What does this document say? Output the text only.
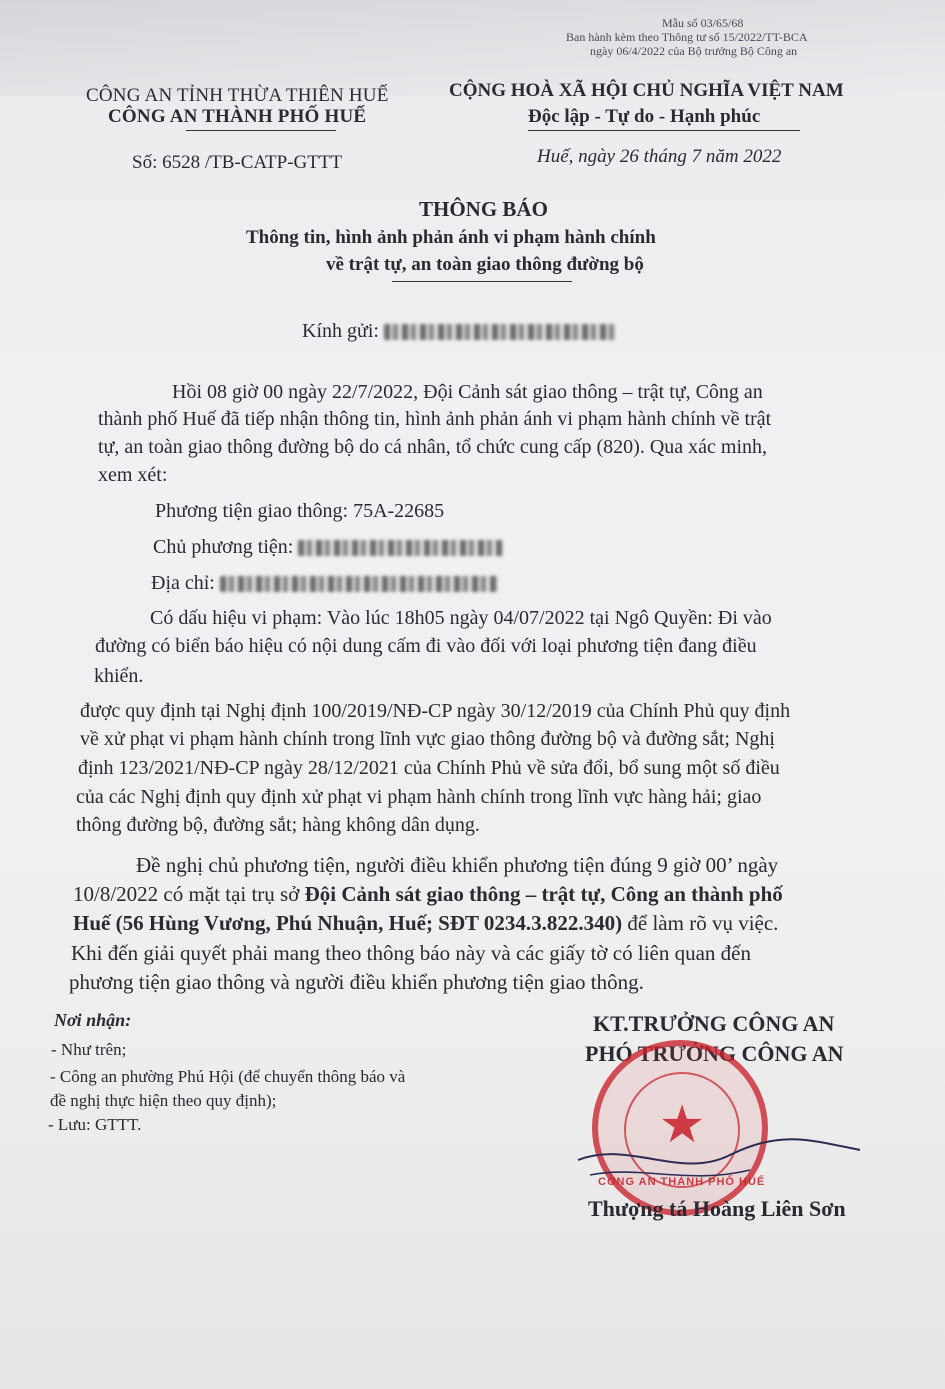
Mẫu số 03/65/68
Ban hành kèm theo Thông tư số 15/2022/TT-BCA
ngày 06/4/2022 của Bộ trưởng Bộ Công an
CÔNG AN TỈNH THỪA THIÊN HUẾ
CÔNG AN THÀNH PHỐ HUẾ
CỘNG HOÀ XÃ HỘI CHỦ NGHĨA VIỆT NAM
Độc lập - Tự do - Hạnh phúc
Số: 6528 /TB-CATP-GTTT	Huế, ngày 26 tháng 7 năm 2022
THÔNG BÁO
Thông tin, hình ảnh phản ánh vi phạm hành chính
về trật tự, an toàn giao thông đường bộ
Kính gửi:
Hồi 08 giờ 00 ngày 22/7/2022, Đội Cảnh sát giao thông – trật tự, Công an
thành phố Huế đã tiếp nhận thông tin, hình ảnh phản ánh vi phạm hành chính về trật
tự, an toàn giao thông đường bộ do cá nhân, tổ chức cung cấp (820). Qua xác minh,
xem xét:
Phương tiện giao thông: 75A-22685
Chủ phương tiện:
Địa chỉ:
Có dấu hiệu vi phạm: Vào lúc 18h05 ngày 04/07/2022 tại Ngô Quyền: Đi vào
đường có biển báo hiệu có nội dung cấm đi vào đối với loại phương tiện đang điều
khiển.
được quy định tại Nghị định 100/2019/NĐ-CP ngày 30/12/2019 của Chính Phủ quy định
về xử phạt vi phạm hành chính trong lĩnh vực giao thông đường bộ và đường sắt; Nghị
định 123/2021/NĐ-CP ngày 28/12/2021 của Chính Phủ về sửa đổi, bổ sung một số điều
của các Nghị định quy định xử phạt vi phạm hành chính trong lĩnh vực hàng hải; giao
thông đường bộ, đường sắt; hàng không dân dụng.
Đề nghị chủ phương tiện, người điều khiển phương tiện đúng 9 giờ 00’ ngày
10/8/2022 có mặt tại trụ sở Đội Cảnh sát giao thông – trật tự, Công an thành phố
Huế (56 Hùng Vương, Phú Nhuận, Huế; SĐT 0234.3.822.340) để làm rõ vụ việc.
Khi đến giải quyết phải mang theo thông báo này và các giấy tờ có liên quan đến
phương tiện giao thông và người điều khiển phương tiện giao thông.
Nơi nhận:
- Như trên;
- Công an phường Phú Hội (để chuyển thông báo và
đề nghị thực hiện theo quy định);
- Lưu: GTTT.
KT.TRƯỞNG CÔNG AN
PHÓ TRƯỞNG CÔNG AN
★
CÔNG AN THÀNH PHỐ HUẾ
Thượng tá Hoàng Liên Sơn
